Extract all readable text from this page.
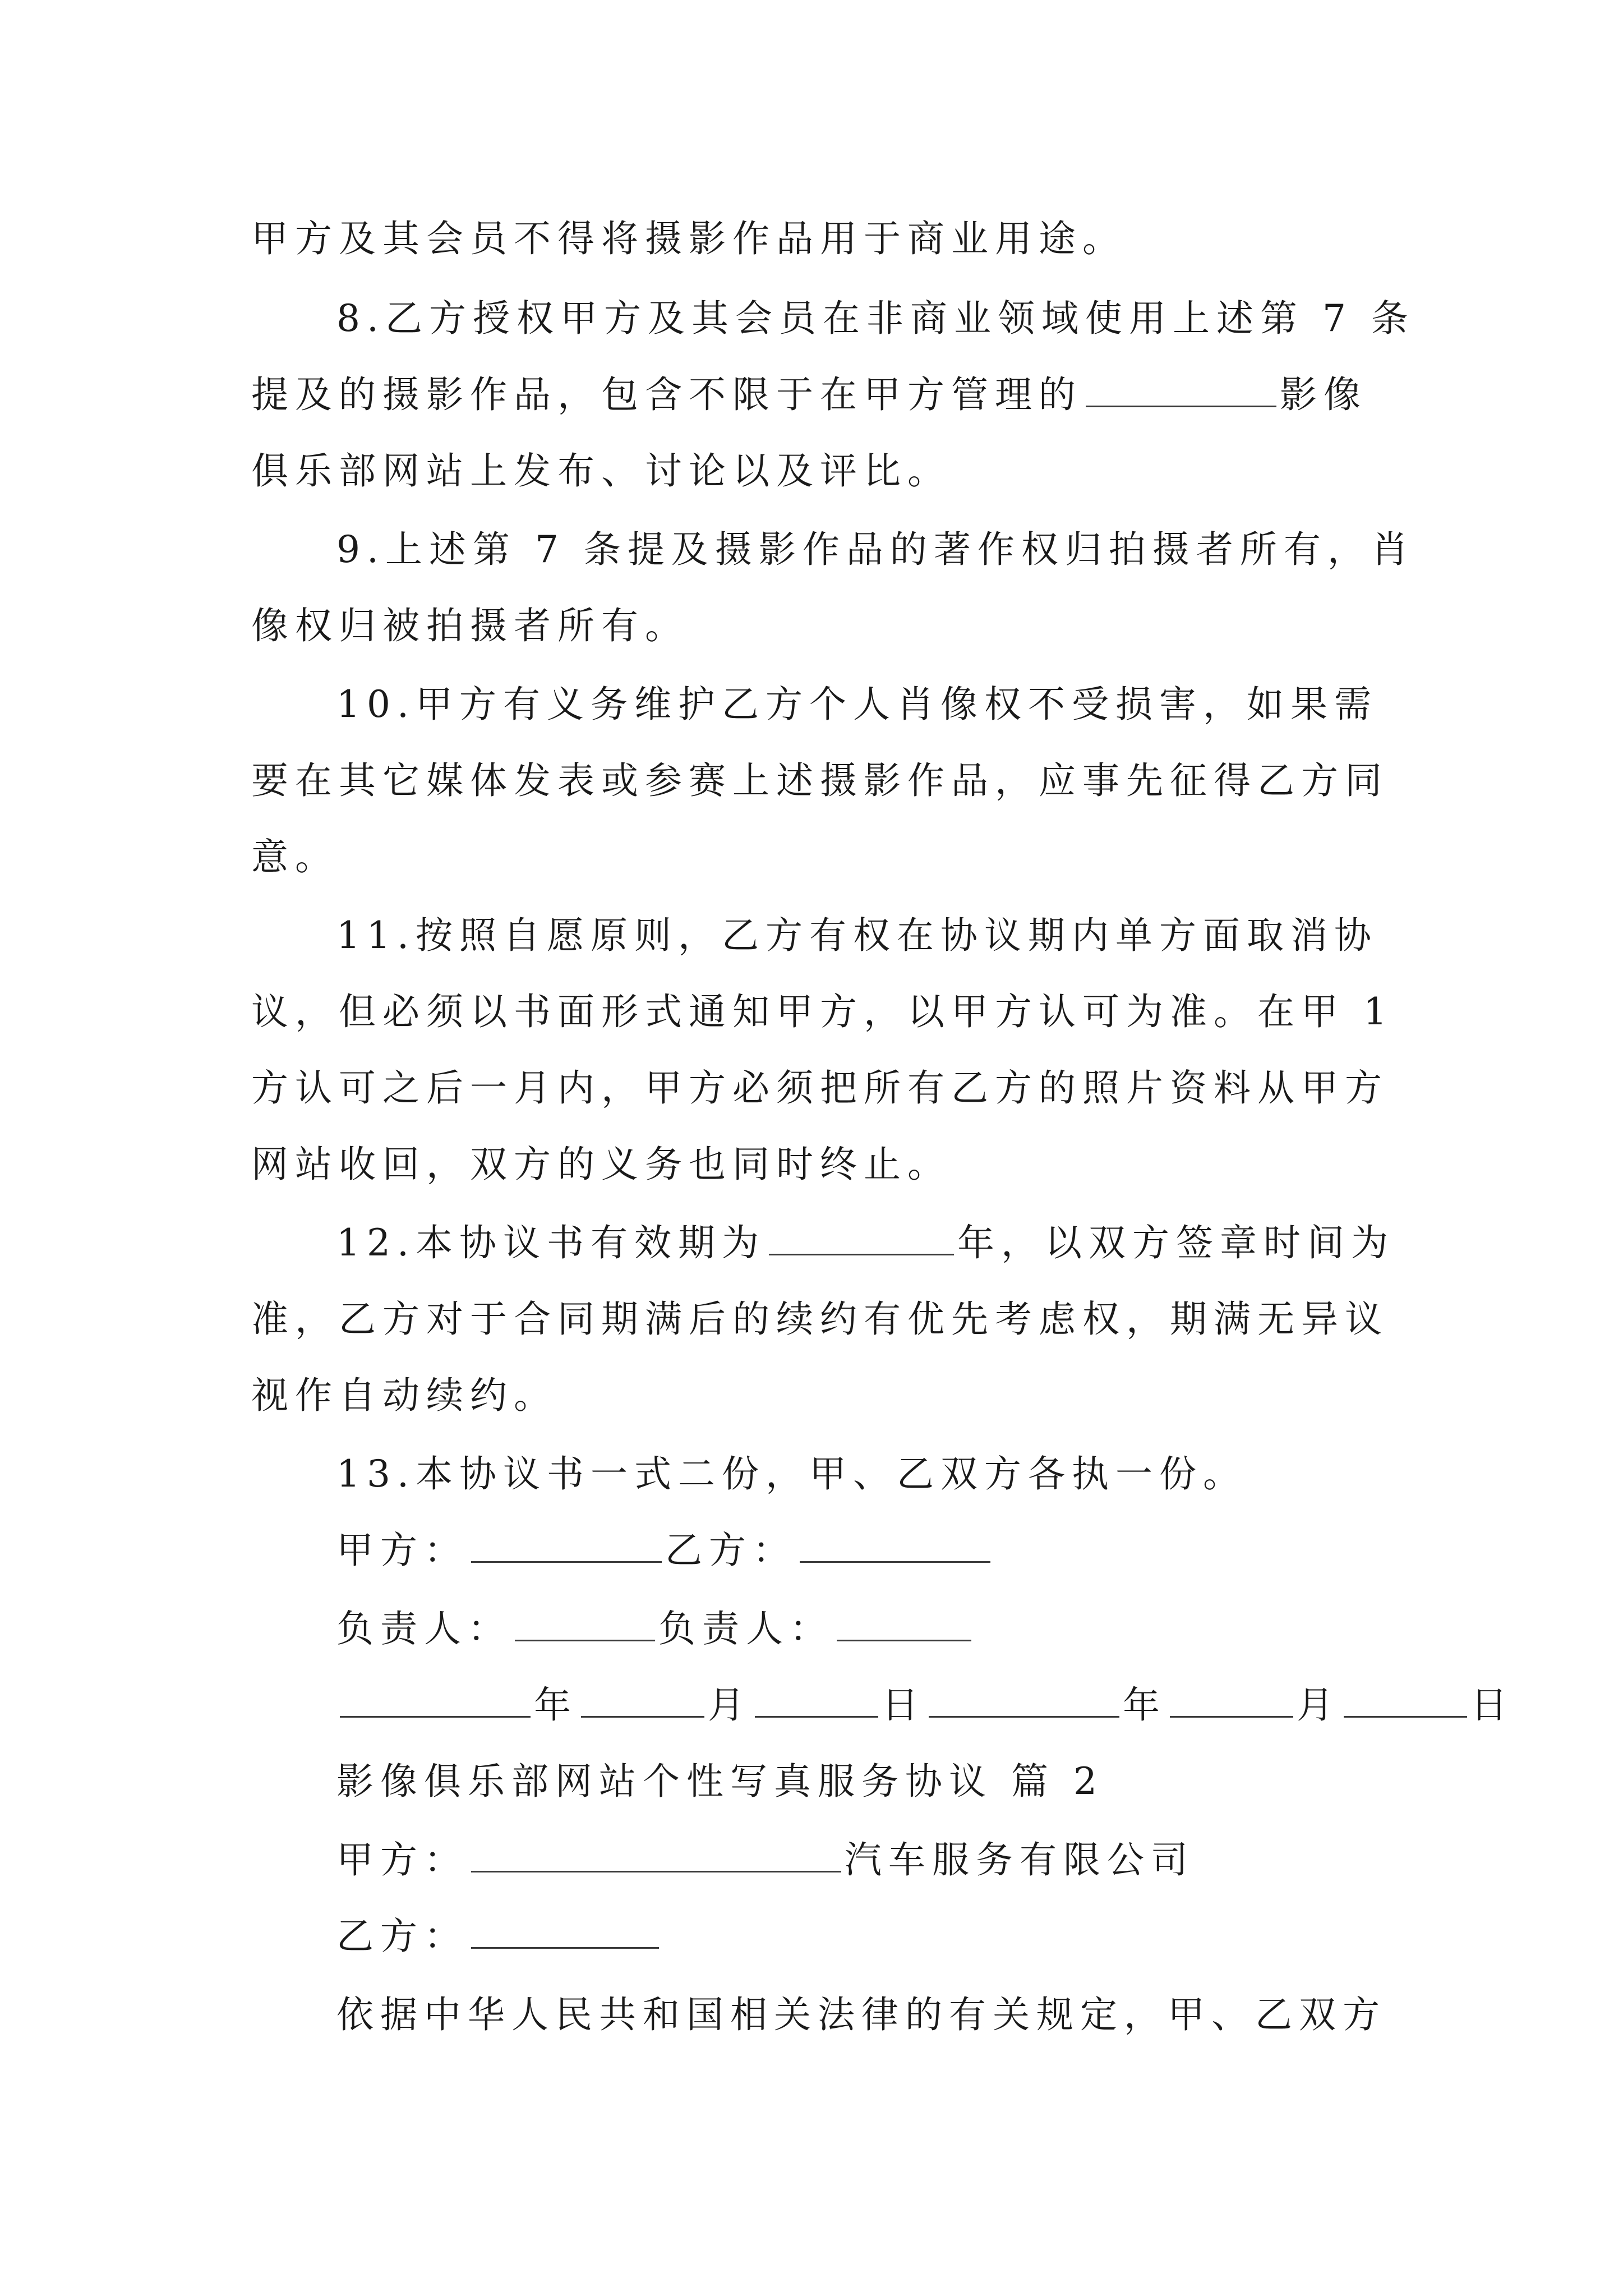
甲方及其会员不得将摄影作品用于商业用途。
8.乙方授权甲方及其会员在非商业领域使用上述第 7 条
提及的摄影作品，包含不限于在甲方管理的	影像
俱乐部网站上发布、讨论以及评比。
9.上述第 7 条提及摄影作品的著作权归拍摄者所有，肖
像权归被拍摄者所有。
10.甲方有义务维护乙方个人肖像权不受损害，如果需
要在其它媒体发表或参赛上述摄影作品，应事先征得乙方同
意。
11.按照自愿原则，乙方有权在协议期内单方面取消协
议，但必须以书面形式通知甲方，以甲方认可为准。在甲 1
方认可之后一月内，甲方必须把所有乙方的照片资料从甲方
网站收回，双方的义务也同时终止。
12.本协议书有效期为	年，以双方签章时间为
准，乙方对于合同期满后的续约有优先考虑权，期满无异议
视作自动续约。
13.本协议书一式二份，甲、乙双方各执一份。
甲方：	乙方：
负责人：	负责人：
年	月	日	年	月	日
影像俱乐部网站个性写真服务协议 篇 2
甲方：	汽车服务有限公司
乙方：
依据中华人民共和国相关法律的有关规定，甲、乙双方
